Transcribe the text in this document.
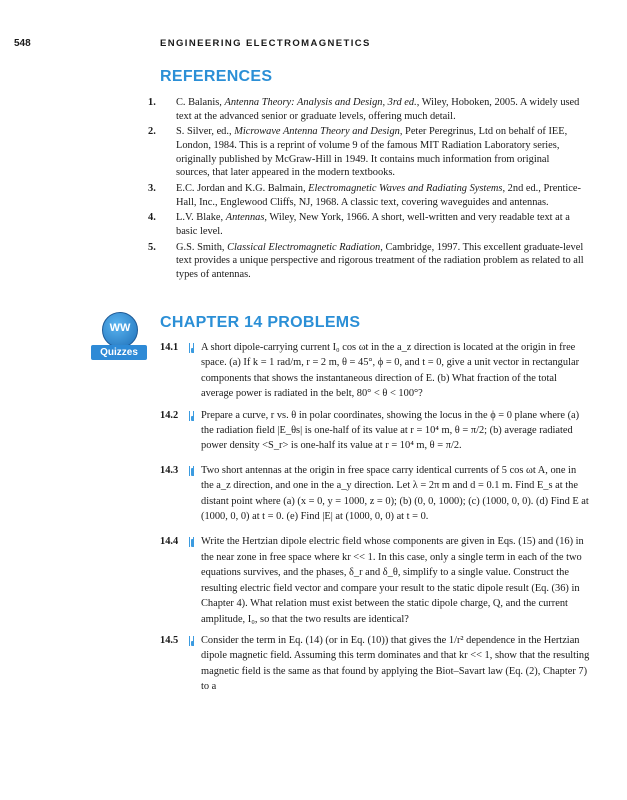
548	ENGINEERING ELECTROMAGNETICS
REFERENCES
1. C. Balanis, Antenna Theory: Analysis and Design, 3rd ed., Wiley, Hoboken, 2005. A widely used text at the advanced senior or graduate levels, offering much detail.
2. S. Silver, ed., Microwave Antenna Theory and Design, Peter Peregrinus, Ltd on behalf of IEE, London, 1984. This is a reprint of volume 9 of the famous MIT Radiation Laboratory series, originally published by McGraw-Hill in 1949. It contains much information from original sources, that later appeared in the modern textbooks.
3. E.C. Jordan and K.G. Balmain, Electromagnetic Waves and Radiating Systems, 2nd ed., Prentice-Hall, Inc., Englewood Cliffs, NJ, 1968. A classic text, covering waveguides and antennas.
4. L.V. Blake, Antennas, Wiley, New York, 1966. A short, well-written and very readable text at a basic level.
5. G.S. Smith, Classical Electromagnetic Radiation, Cambridge, 1997. This excellent graduate-level text provides a unique perspective and rigorous treatment of the radiation problem as related to all types of antennas.
WW
Quizzes
CHAPTER 14 PROBLEMS
14.1 A short dipole-carrying current I₀ cos ωt in the a_z direction is located at the origin in free space. (a) If k = 1 rad/m, r = 2 m, θ = 45°, ϕ = 0, and t = 0, give a unit vector in rectangular components that shows the instantaneous direction of E. (b) What fraction of the total average power is radiated in the belt, 80° < θ < 100°?
14.2 Prepare a curve, r vs. θ in polar coordinates, showing the locus in the ϕ = 0 plane where (a) the radiation field |E_θs| is one-half of its value at r = 10⁴ m, θ = π/2; (b) average radiated power density <S_r> is one-half its value at r = 10⁴ m, θ = π/2.
14.3 Two short antennas at the origin in free space carry identical currents of 5 cos ωt A, one in the a_z direction, and one in the a_y direction. Let λ = 2π m and d = 0.1 m. Find E_s at the distant point where (a) (x = 0, y = 1000, z = 0); (b) (0, 0, 1000); (c) (1000, 0, 0). (d) Find E at (1000, 0, 0) at t = 0. (e) Find |E| at (1000, 0, 0) at t = 0.
14.4 Write the Hertzian dipole electric field whose components are given in Eqs. (15) and (16) in the near zone in free space where kr << 1. In this case, only a single term in each of the two equations survives, and the phases, δ_r and δ_θ, simplify to a single value. Construct the resulting electric field vector and compare your result to the static dipole result (Eq. (36) in Chapter 4). What relation must exist between the static dipole charge, Q, and the current amplitude, I₀, so that the two results are identical?
14.5 Consider the term in Eq. (14) (or in Eq. (10)) that gives the 1/r² dependence in the Hertzian dipole magnetic field. Assuming this term dominates and that kr << 1, show that the resulting magnetic field is the same as that found by applying the Biot–Savart law (Eq. (2), Chapter 7) to a
